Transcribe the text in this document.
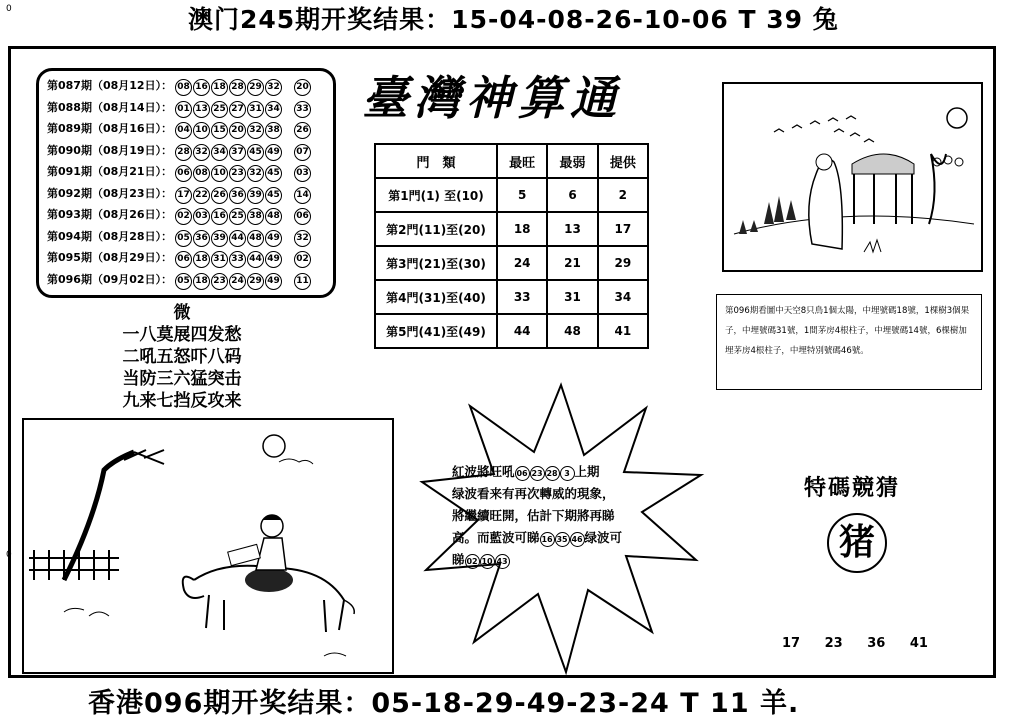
澳门245期开奖结果：15-04-08-26-10-06 T 39 兔
0
0
第087期（08月12日）： 08 16 18 28 29 32 20
第088期（08月14日）： 01 13 25 27 31 34 33
第089期（08月16日）： 04 10 15 20 32 38 26
第090期（08月19日）： 28 32 34 37 45 49 07
第091期（08月21日）： 06 08 10 23 32 45 03
第092期（08月23日）： 17 22 26 36 39 45 14
第093期（08月26日）： 02 03 16 25 38 48 06
第094期（08月28日）： 05 36 39 44 48 49 32
第095期（08月29日）： 06 18 31 33 44 49 02
第096期（09月02日）： 05 18 23 24 29 49 11
臺灣神算通
門　類	最旺	最弱	提供
第1門(1) 至(10)	5	6	2
第2門(11)至(20)	18	13	17
第3門(21)至(30)	24	21	29
第4門(31)至(40)	33	31	34
第5門(41)至(49)	44	48	41
微
一八莫展四发愁
二吼五怒吓八码
当防三六猛突击
九来七挡反攻来
第096期看圖中天空8只鳥1個太陽，中埋號碼18號，1棵樹3個果子，中埋號碼31號，1間茅房4根柱子，中埋號碼14號，6棵樹加埋茅房4根柱子，中埋特別號碼46號。
紅波將旺吼 06 23 28 3 上期
绿波看来有再次轉威的現象，
將繼續旺開，估計下期將再睇
高。而藍波可睇 16 35 46 绿波可
睇 02 10 43
特碼競猜
猪
17 23 36 41
香港096期开奖结果：05-18-29-49-23-24 T 11 羊.
